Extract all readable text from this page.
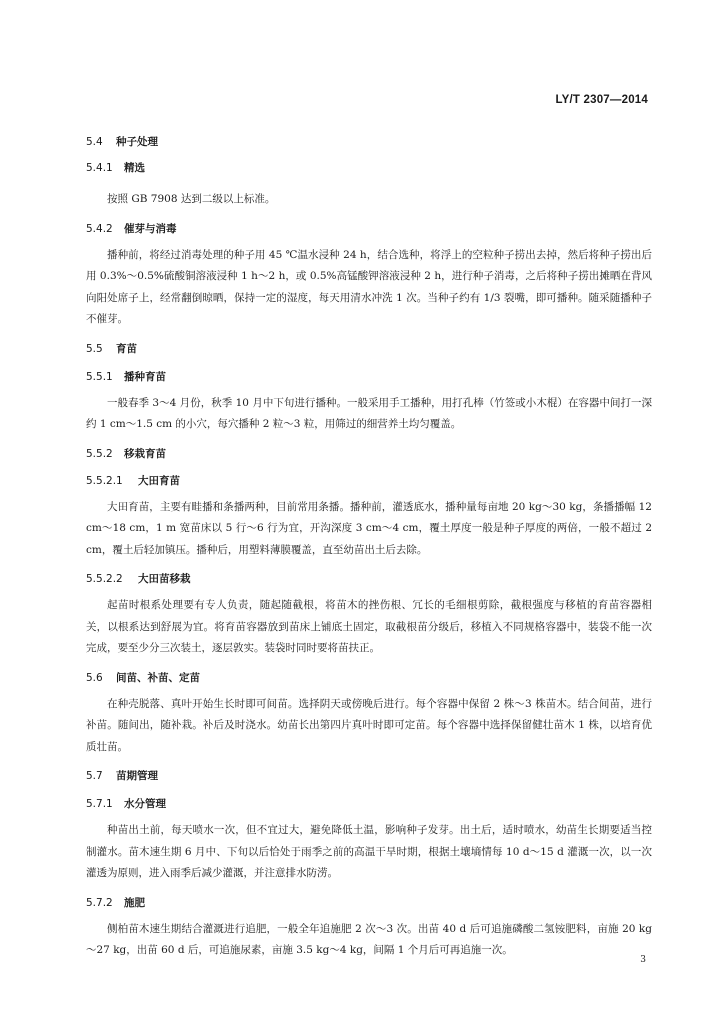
LY/T 2307—2014
5.4 种子处理
5.4.1 精选

按照 GB 7908 达到二级以上标准。

5.4.2 催芽与消毒

播种前，将经过消毒处理的种子用 45 ℃温水浸种 24 h，结合选种，将浮上的空粒种子捞出去掉，然后将种子捞出后用 0.3%～0.5%硫酸铜溶液浸种 1 h～2 h，或 0.5%高锰酸钾溶液浸种 2 h，进行种子消毒，之后将种子捞出摊晒在背风向阳处席子上，经常翻倒晾晒，保持一定的湿度，每天用清水冲洗 1 次。当种子约有 1/3 裂嘴，即可播种。随采随播种子不催芽。

5.5 育苗
5.5.1 播种育苗

一般春季 3～4 月份，秋季 10 月中下旬进行播种。一般采用手工播种，用打孔棒（竹签或小木棍）在容器中间打一深约 1 cm～1.5 cm 的小穴，每穴播种 2 粒～3 粒，用筛过的细营养土均匀覆盖。

5.5.2 移栽育苗
5.5.2.1 大田育苗

大田育苗，主要有畦播和条播两种，目前常用条播。播种前，灌透底水，播种量每亩地 20 kg～30 kg，条播播幅 12 cm～18 cm，1 m 宽苗床以 5 行～6 行为宜，开沟深度 3 cm～4 cm，覆土厚度一般是种子厚度的两倍，一般不超过 2 cm，覆土后轻加镇压。播种后，用塑料薄膜覆盖，直至幼苗出土后去除。

5.5.2.2 大田苗移栽

起苗时根系处理要有专人负责，随起随截根，将苗木的挫伤根、冗长的毛细根剪除，截根强度与移植的育苗容器相关，以根系达到舒展为宜。将育苗容器放到苗床上铺底土固定，取截根苗分级后，移植入不同规格容器中，装袋不能一次完成，要至少分三次装土，逐层敦实。装袋时同时要将苗扶正。

5.6 间苗、补苗、定苗

在种壳脱落、真叶开始生长时即可间苗。选择阴天或傍晚后进行。每个容器中保留 2 株～3 株苗木。结合间苗，进行补苗。随间出，随补栽。补后及时浇水。幼苗长出第四片真叶时即可定苗。每个容器中选择保留健壮苗木 1 株，以培育优质壮苗。

5.7 苗期管理
5.7.1 水分管理

种苗出土前，每天喷水一次，但不宜过大，避免降低土温，影响种子发芽。出土后，适时喷水，幼苗生长期要适当控制灌水。苗木速生期 6 月中、下旬以后恰处于雨季之前的高温干旱时期，根据土壤墒情每 10 d～15 d 灌溉一次，以一次灌透为原则，进入雨季后减少灌溉，并注意排水防涝。

5.7.2 施肥

侧柏苗木速生期结合灌溉进行追肥，一般全年追施肥 2 次～3 次。出苗 40 d 后可追施磷酸二氢铵肥料，亩施 20 kg～27 kg，出苗 60 d 后，可追施尿素，亩施 3.5 kg～4 kg，间隔 1 个月后可再追施一次。

3
